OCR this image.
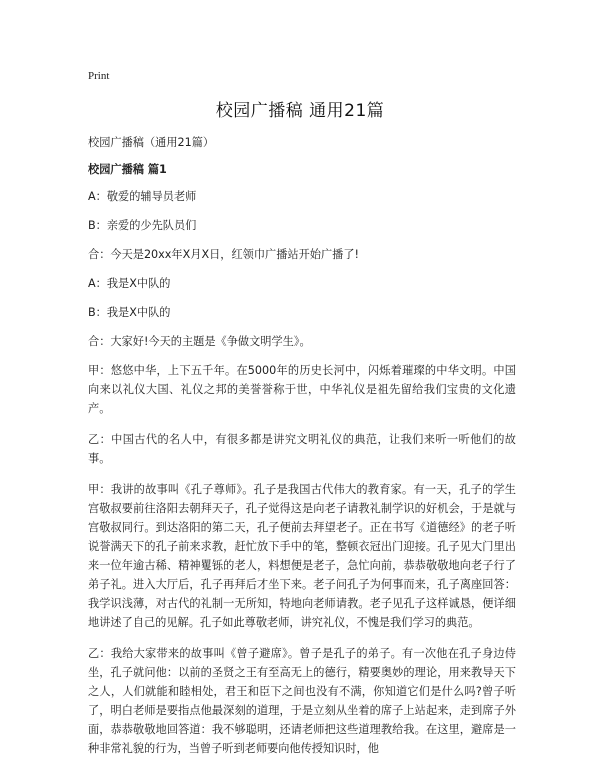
Print
校园广播稿 通用21篇

校园广播稿（通用21篇）

校园广播稿 篇1

A：敬爱的辅导员老师

B：亲爱的少先队员们

合：今天是20xx年X月X日，红领巾广播站开始广播了!

A：我是X中队的

B：我是X中队的

合：大家好!今天的主题是《争做文明学生》。

甲：悠悠中华，上下五千年。在5000年的历史长河中，闪烁着璀璨的中华文明。中国向来以礼仪大国、礼仪之邦的美誉誉称于世，中华礼仪是祖先留给我们宝贵的文化遗产。

乙：中国古代的名人中，有很多都是讲究文明礼仪的典范，让我们来听一听他们的故事。

甲：我讲的故事叫《孔子尊师》。孔子是我国古代伟大的教育家。有一天，孔子的学生宫敬叔要前往洛阳去朝拜天子，孔子觉得这是向老子请教礼制学识的好机会，于是就与宫敬叔同行。到达洛阳的第二天，孔子便前去拜望老子。正在书写《道德经》的老子听说誉满天下的孔子前来求教，赶忙放下手中的笔，整顿衣冠出门迎接。孔子见大门里出来一位年逾古稀、精神矍铄的老人，料想便是老子，急忙向前，恭恭敬敬地向老子行了弟子礼。进入大厅后，孔子再拜后才坐下来。老子问孔子为何事而来，孔子离座回答：我学识浅薄，对古代的礼制一无所知，特地向老师请教。老子见孔子这样诚恳，便详细地讲述了自己的见解。孔子如此尊敬老师，讲究礼仪，不愧是我们学习的典范。

乙：我给大家带来的故事叫《曾子避席》。曾子是孔子的弟子。有一次他在孔子身边侍坐，孔子就问他：以前的圣贤之王有至高无上的德行，精要奥妙的理论，用来教导天下之人，人们就能和睦相处，君王和臣下之间也没有不满，你知道它们是什么吗?曾子听了，明白老师是要指点他最深刻的道理，于是立刻从坐着的席子上站起来，走到席子外面，恭恭敬敬地回答道：我不够聪明，还请老师把这些道理教给我。在这里，避席是一种非常礼貌的行为，当曾子听到老师要向他传授知识时，他
